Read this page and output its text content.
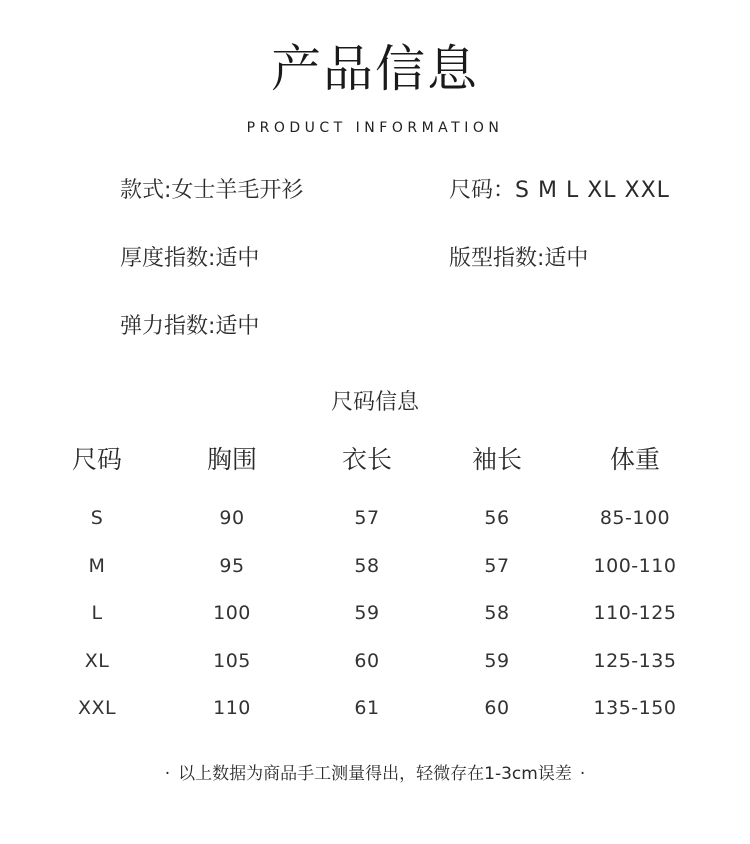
产品信息
PRODUCT INFORMATION
款式:女士羊毛开衫	尺码：S M L XL XXL
厚度指数:适中	版型指数:适中
弹力指数:适中
尺码信息
尺码	胸围	衣长	袖长	体重
S	90	57	56	85-100
M	95	58	57	100-110
L	100	59	58	110-125
XL	105	60	59	125-135
XXL	110	61	60	135-150
· 以上数据为商品手工测量得出，轻微存在1-3cm误差 ·
